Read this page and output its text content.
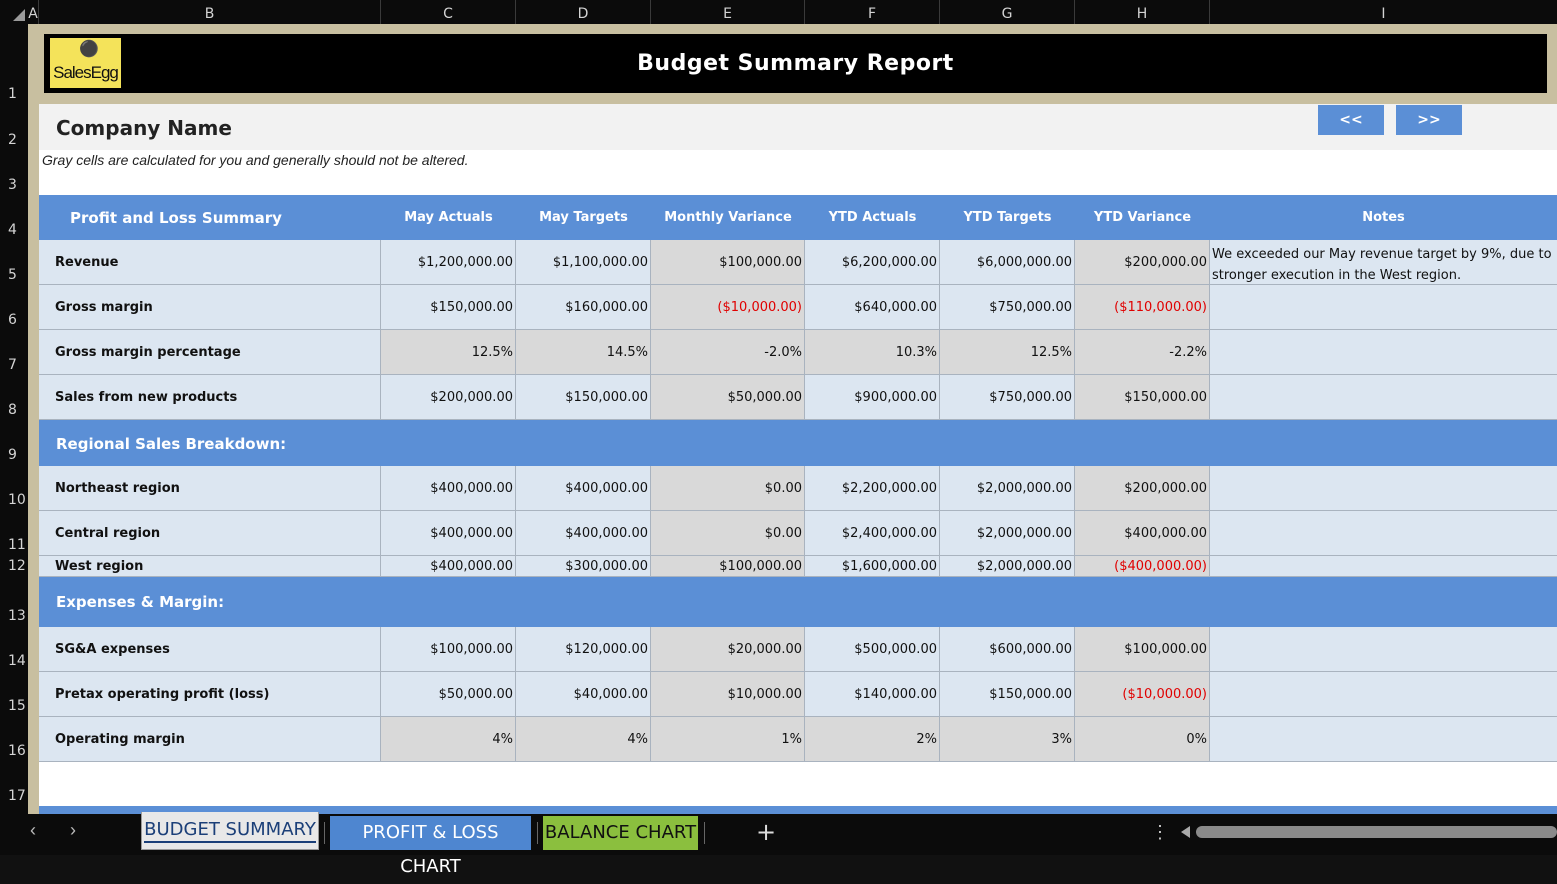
A	B	C	D	E	F	G	H	I
1
2
3
4
5
6
7
8
9
10
11
12
13
14
15
16
17
⚫
SalesEgg	Budget Summary Report
Company Name	<<	>>
Gray cells are calculated for you and generally should not be altered.
Profit and Loss Summary	May Actuals	May Targets	Monthly Variance	YTD Actuals	YTD Targets	YTD Variance	Notes
Regional Sales Breakdown:
Expenses & Margin:
Revenue	$1,200,000.00	$1,100,000.00	$100,000.00	$6,200,000.00	$6,000,000.00	$200,000.00 We exceeded our May revenue target by 9%, due to stronger execution in the West region.
Gross margin	$150,000.00	$160,000.00	($10,000.00)	$640,000.00	$750,000.00	($110,000.00)
Gross margin percentage	12.5%	14.5%	-2.0%	10.3%	12.5%	-2.2%
Sales from new products	$200,000.00	$150,000.00	$50,000.00	$900,000.00	$750,000.00	$150,000.00
Northeast region	$400,000.00	$400,000.00	$0.00	$2,200,000.00	$2,000,000.00	$200,000.00
Central region	$400,000.00	$400,000.00	$0.00	$2,400,000.00	$2,000,000.00	$400,000.00
West region	$400,000.00	$300,000.00	$100,000.00	$1,600,000.00	$2,000,000.00	($400,000.00)
SG&A expenses	$100,000.00	$120,000.00	$20,000.00	$500,000.00	$600,000.00	$100,000.00
Pretax operating profit (loss)	$50,000.00	$40,000.00	$10,000.00	$140,000.00	$150,000.00	($10,000.00)
Operating margin	4%	4%	1%	2%	3%	0%
‹ ›	BUDGET SUMMARY	PROFIT & LOSS CHART
BALANCE CHART +	⋮
